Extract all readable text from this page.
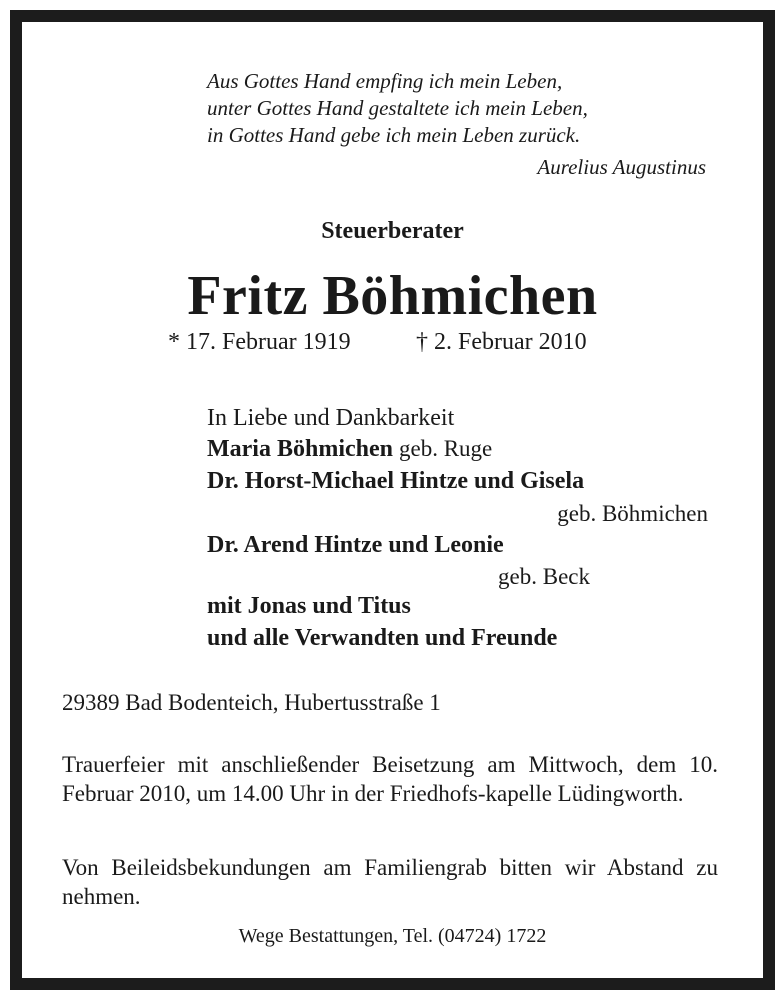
Aus Gottes Hand empfing ich mein Leben,
unter Gottes Hand gestaltete ich mein Leben,
in Gottes Hand gebe ich mein Leben zurück.
Aurelius Augustinus
Steuerberater
Fritz Böhmichen
* 17. Februar 1919	† 2. Februar 2010
In Liebe und Dankbarkeit
Maria Böhmichen geb. Ruge
Dr. Horst-Michael Hintze und Gisela
geb. Böhmichen
Dr. Arend Hintze und Leonie
geb. Beck
mit Jonas und Titus
und alle Verwandten und Freunde
29389 Bad Bodenteich, Hubertusstraße 1
Trauerfeier mit anschließender Beisetzung am Mittwoch, dem 10. Februar 2010, um 14.00 Uhr in der Friedhofs-kapelle Lüdingworth.
Von Beileidsbekundungen am Familiengrab bitten wir Abstand zu nehmen.
Wege Bestattungen, Tel. (04724) 1722
